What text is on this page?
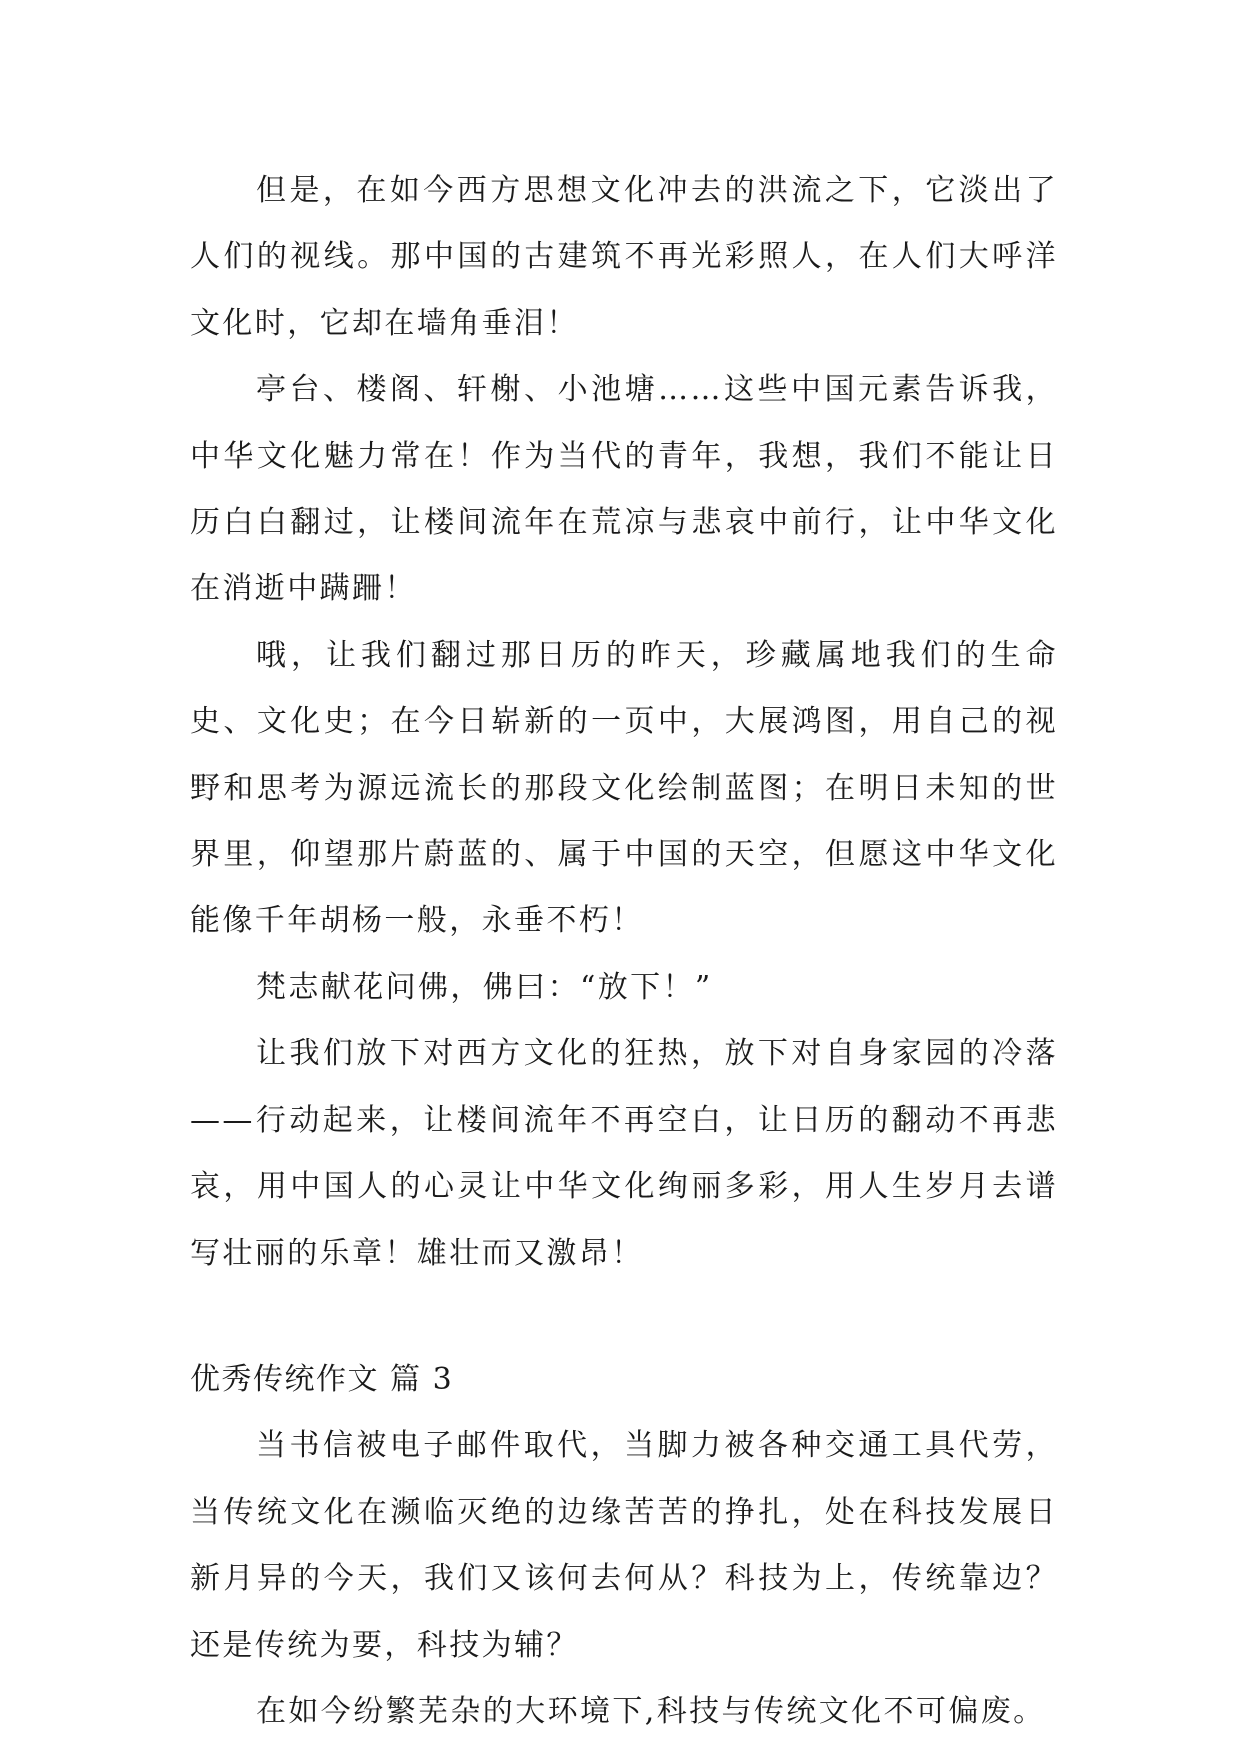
但是，在如今西方思想文化冲去的洪流之下，它淡出了人们的视线。那中国的古建筑不再光彩照人，在人们大呼洋文化时，它却在墙角垂泪！

亭台、楼阁、轩榭、小池塘……这些中国元素告诉我，中华文化魅力常在！作为当代的青年，我想，我们不能让日历白白翻过，让楼间流年在荒凉与悲哀中前行，让中华文化在消逝中蹒跚！

哦，让我们翻过那日历的昨天，珍藏属地我们的生命史、文化史；在今日崭新的一页中，大展鸿图，用自己的视野和思考为源远流长的那段文化绘制蓝图；在明日未知的世界里，仰望那片蔚蓝的、属于中国的天空，但愿这中华文化能像千年胡杨一般，永垂不朽！

梵志献花问佛，佛曰：“放下！”

让我们放下对西方文化的狂热，放下对自身家园的冷落——行动起来，让楼间流年不再空白，让日历的翻动不再悲哀，用中国人的心灵让中华文化绚丽多彩，用人生岁月去谱写壮丽的乐章！雄壮而又激昂！

优秀传统作文 篇 3

当书信被电子邮件取代，当脚力被各种交通工具代劳，当传统文化在濒临灭绝的边缘苦苦的挣扎，处在科技发展日新月异的今天，我们又该何去何从？科技为上，传统靠边？还是传统为要，科技为辅？

在如今纷繁芜杂的大环境下,科技与传统文化不可偏废。
